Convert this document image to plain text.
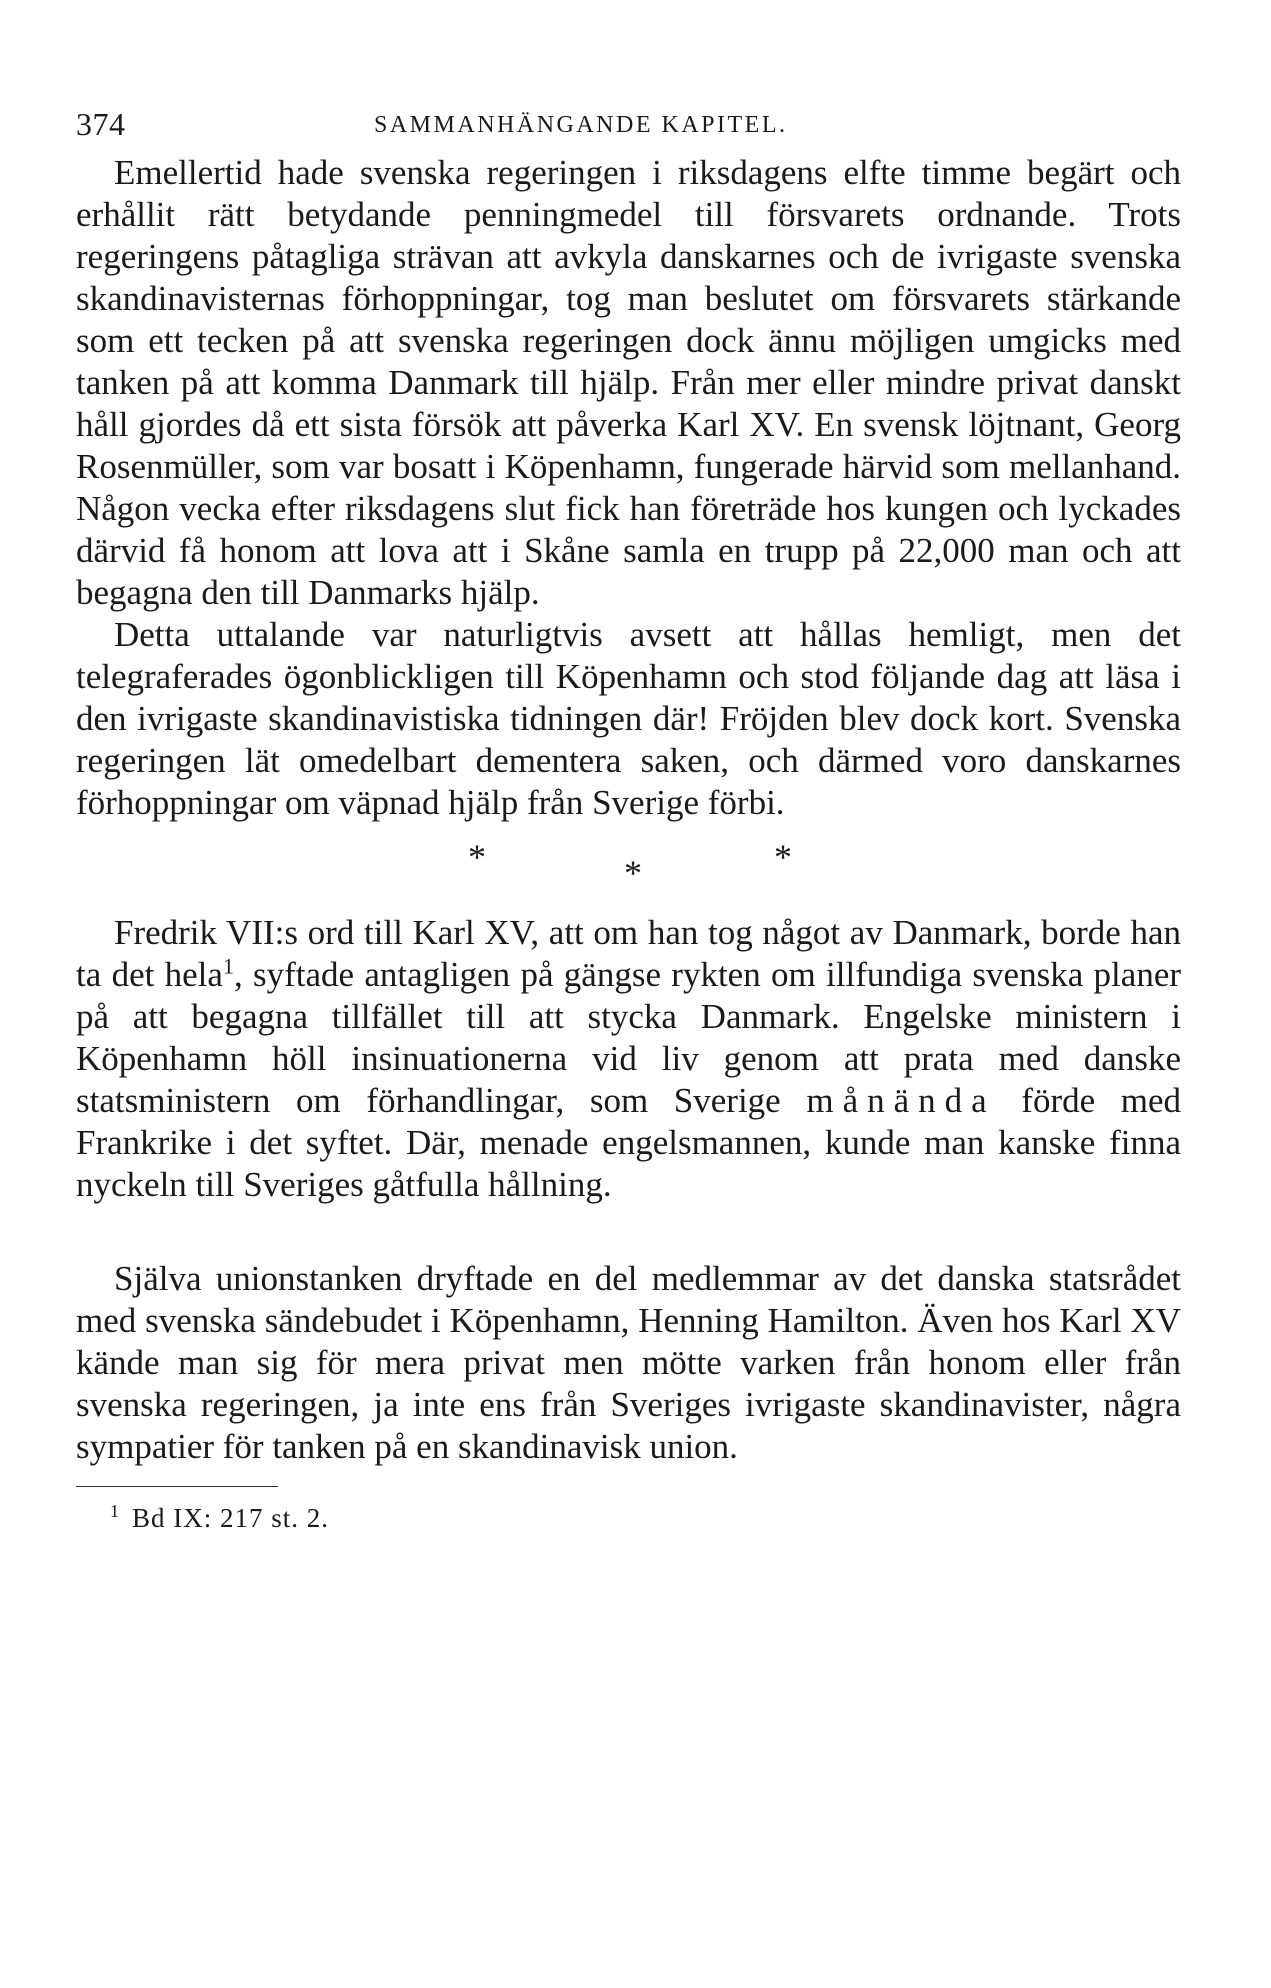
374	SAMMANHÄNGANDE KAPITEL.

Emellertid hade svenska regeringen i riksdagens elfte timme begärt och erhållit rätt betydande penningmedel till försvarets ordnande. Trots regeringens påtagliga strävan att avkyla danskarnes och de ivrigaste svenska skandinavisternas förhoppningar, tog man beslutet om försvarets stärkande som ett tecken på att svenska regeringen dock ännu möjligen umgicks med tanken på att komma Danmark till hjälp. Från mer eller mindre privat danskt håll gjordes då ett sista försök att påverka Karl XV. En svensk löjtnant, Georg Rosenmüller, som var bosatt i Köpenhamn, fungerade härvid som mellanhand. Någon vecka efter riksdagens slut fick han företräde hos kungen och lyckades därvid få honom att lova att i Skåne samla en trupp på 22,000 man och att begagna den till Danmarks hjälp.

Detta uttalande var naturligtvis avsett att hållas hemligt, men det telegraferades ögonblickligen till Köpenhamn och stod följande dag att läsa i den ivrigaste skandinavistiska tidningen där! Fröjden blev dock kort. Svenska regeringen lät omedelbart dementera saken, och därmed voro danskarnes förhoppningar om väpnad hjälp från Sverige förbi.

*	*	*

Fredrik VII:s ord till Karl XV, att om han tog något av Danmark, borde han ta det hela$^1$, syftade antagligen på gängse rykten om illfundiga svenska planer på att begagna tillfället till att stycka Danmark. Engelske ministern i Köpenhamn höll insinuationerna vid liv genom att prata med danske statsministern om förhandlingar, som Sverige månända förde med Frankrike i det syftet. Där, menade engelsmannen, kunde man kanske finna nyckeln till Sveriges gåtfulla hållning.

Själva unionstanken dryftade en del medlemmar av det danska statsrådet med svenska sändebudet i Köpenhamn, Henning Hamilton. Även hos Karl XV kände man sig för mera privat men mötte varken från honom eller från svenska regeringen, ja inte ens från Sveriges ivrigaste skandinavister, några sympatier för tanken på en skandinavisk union.

$^1$ Bd IX: 217 st. 2.
